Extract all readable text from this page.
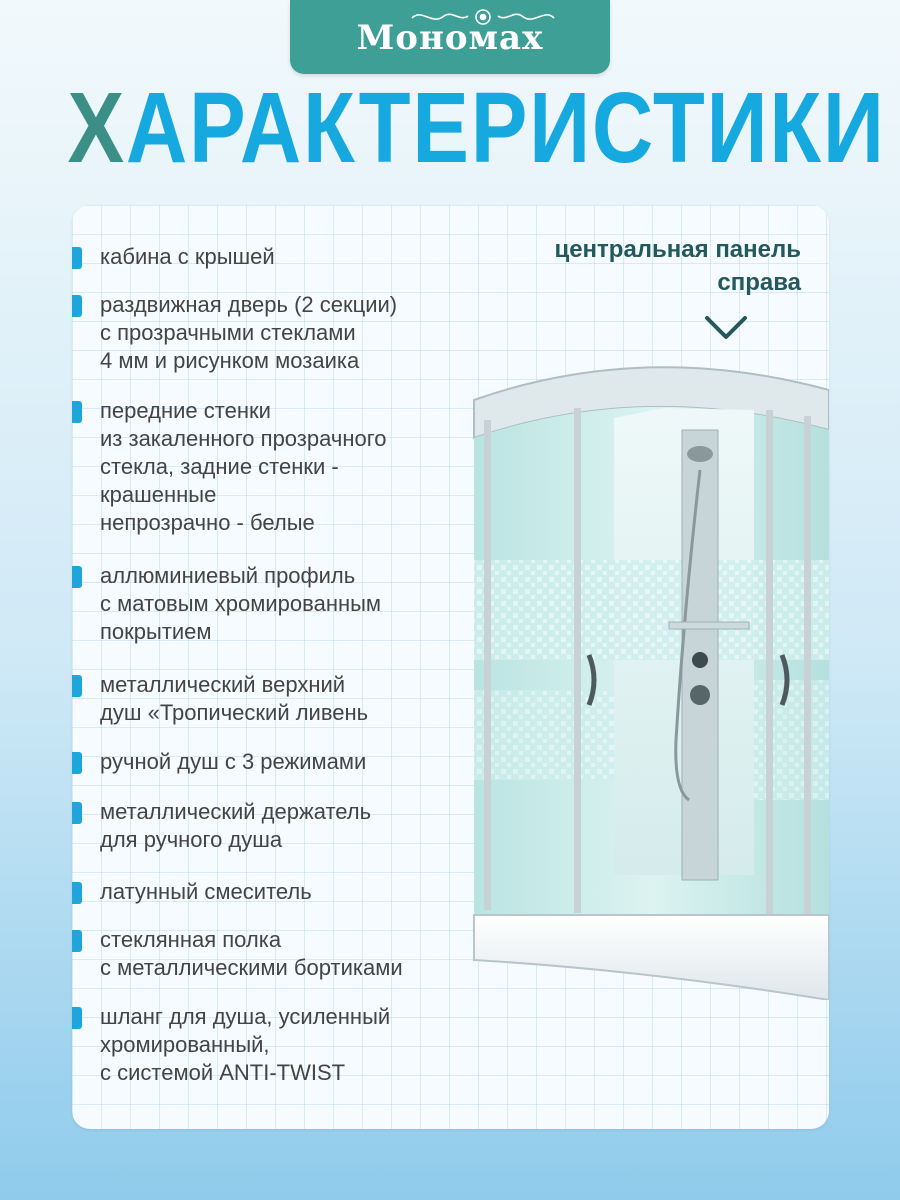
Мономах
ХАРАКТЕРИСТИКИ
кабина с крышей
раздвижная дверь (2 секции)
с прозрачными стеклами
4 мм и рисунком мозаика
передние стенки
из закаленного прозрачного
стекла, задние стенки -
крашенные
непрозрачно - белые
аллюминиевый профиль
с матовым хромированным
покрытием
металлический верхний
душ «Тропический ливень
ручной душ с 3 режимами
металлический держатель
для ручного душа
латунный смеситель
стеклянная полка
с металлическими бортиками
шланг для душа, усиленный
хромированный,
с системой ANTI-TWIST
центральная панель
справа
